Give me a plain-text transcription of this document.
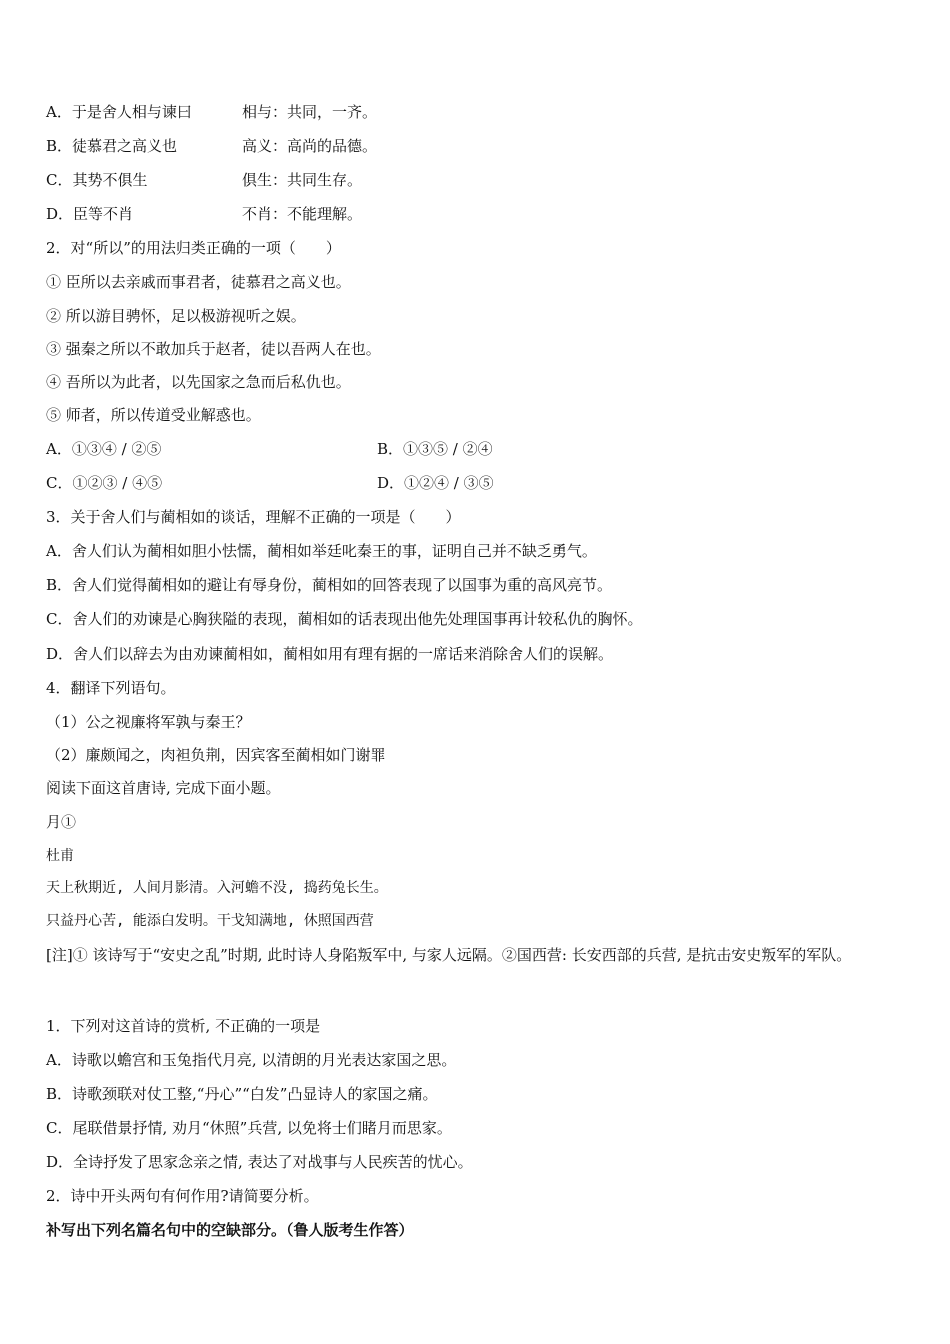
A．于是舍人相与谏曰	相与：共同，一齐。
B．徒慕君之高义也	高义：高尚的品德。
C．其势不俱生	俱生：共同生存。
D．臣等不肖	不肖：不能理解。
2．对“所以”的用法归类正确的一项（　　）
① 臣所以去亲戚而事君者，徒慕君之高义也。
② 所以游目骋怀，足以极游视听之娱。
③ 强秦之所以不敢加兵于赵者，徒以吾两人在也。
④ 吾所以为此者，以先国家之急而后私仇也。
⑤ 师者，所以传道受业解惑也。
A．①③④ / ②⑤	B．①③⑤ / ②④
C．①②③ / ④⑤	D．①②④ / ③⑤
3．关于舍人们与蔺相如的谈话，理解不正确的一项是（　　）
A．舍人们认为蔺相如胆小怯懦，蔺相如举廷叱秦王的事，证明自己并不缺乏勇气。
B．舍人们觉得蔺相如的避让有辱身份，蔺相如的回答表现了以国事为重的高风亮节。
C．舍人们的劝谏是心胸狭隘的表现，蔺相如的话表现出他先处理国事再计较私仇的胸怀。
D．舍人们以辞去为由劝谏蔺相如，蔺相如用有理有据的一席话来消除舍人们的误解。
4．翻译下列语句。
（1）公之视廉将军孰与秦王？
（2）廉颇闻之，肉袒负荆，因宾客至蔺相如门谢罪
阅读下面这首唐诗, 完成下面小题。
月①
杜甫
天上秋期近, 人间月影清。入河蟾不没, 捣药兔长生。
只益丹心苦, 能添白发明。干戈知满地, 休照国西营
[注]① 该诗写于“安史之乱”时期, 此时诗人身陷叛军中, 与家人远隔。②国西营: 长安西部的兵营, 是抗击安史叛军的军队。
1．下列对这首诗的赏析, 不正确的一项是
A．诗歌以蟾宫和玉兔指代月亮, 以清朗的月光表达家国之思。
B．诗歌颈联对仗工整,“丹心”“白发”凸显诗人的家国之痛。
C．尾联借景抒情, 劝月“休照”兵营, 以免将士们睹月而思家。
D．全诗抒发了思家念亲之情, 表达了对战事与人民疾苦的忧心。
2．诗中开头两句有何作用?请简要分析。
补写出下列名篇名句中的空缺部分。（鲁人版考生作答）
